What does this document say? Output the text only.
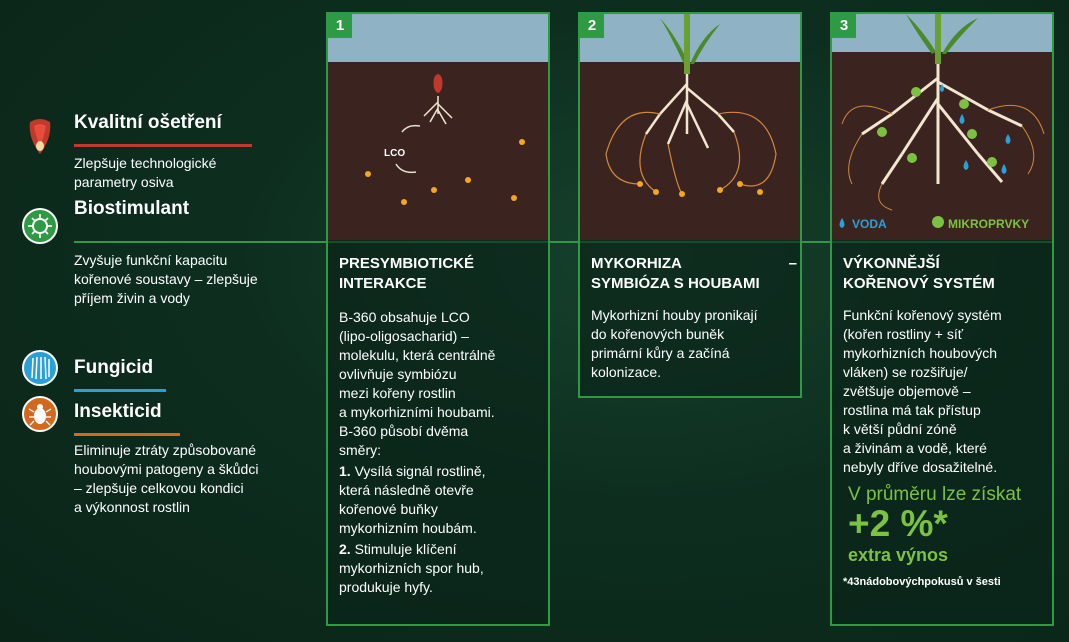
Kvalitní ošetření
Zlepšuje technologické
parametry osiva
Biostimulant
Zvyšuje funkční kapacitu
kořenové soustavy – zlepšuje
příjem živin a vody
Fungicid
Insekticid
Eliminuje ztráty způsobované
houbovými patogeny a škůdci
– zlepšuje celkovou kondici
a výkonnost rostlin
1
LCO
PRESYMBIOTICKÉ
INTERAKCE
B-360 obsahuje LCO
(lipo-oligosacharid) –
molekulu, která centrálně
ovlivňuje symbiózu
mezi kořeny rostlin
a mykorhizními houbami.
B-360 působí dvěma
směry:
1. Vysílá signál rostlině,
která následně otevře
kořenové buňky
mykorhizním houbám.
2. Stimuluje klíčení
mykorhizních spor hub,
produkuje hyfy.
2
MYKORHIZA	–
SYMBIÓZA S HOUBAMI
Mykorhizní houby pronikají
do kořenových buněk
primární kůry a začíná
kolonizace.
3
VODA	MIKROPRVKY
VÝKONNĚJŠÍ
KOŘENOVÝ SYSTÉM
Funkční kořenový systém
(kořen rostliny + síť
mykorhizních houbových
vláken) se rozšiřuje/
zvětšuje objemově –
rostlina má tak přístup
k větší půdní zóně
a živinám a vodě, které
nebyly dříve dosažitelné.
V průměru lze získat
+2 %*
extra výnos
*43nádobovýchpokusů v šesti
